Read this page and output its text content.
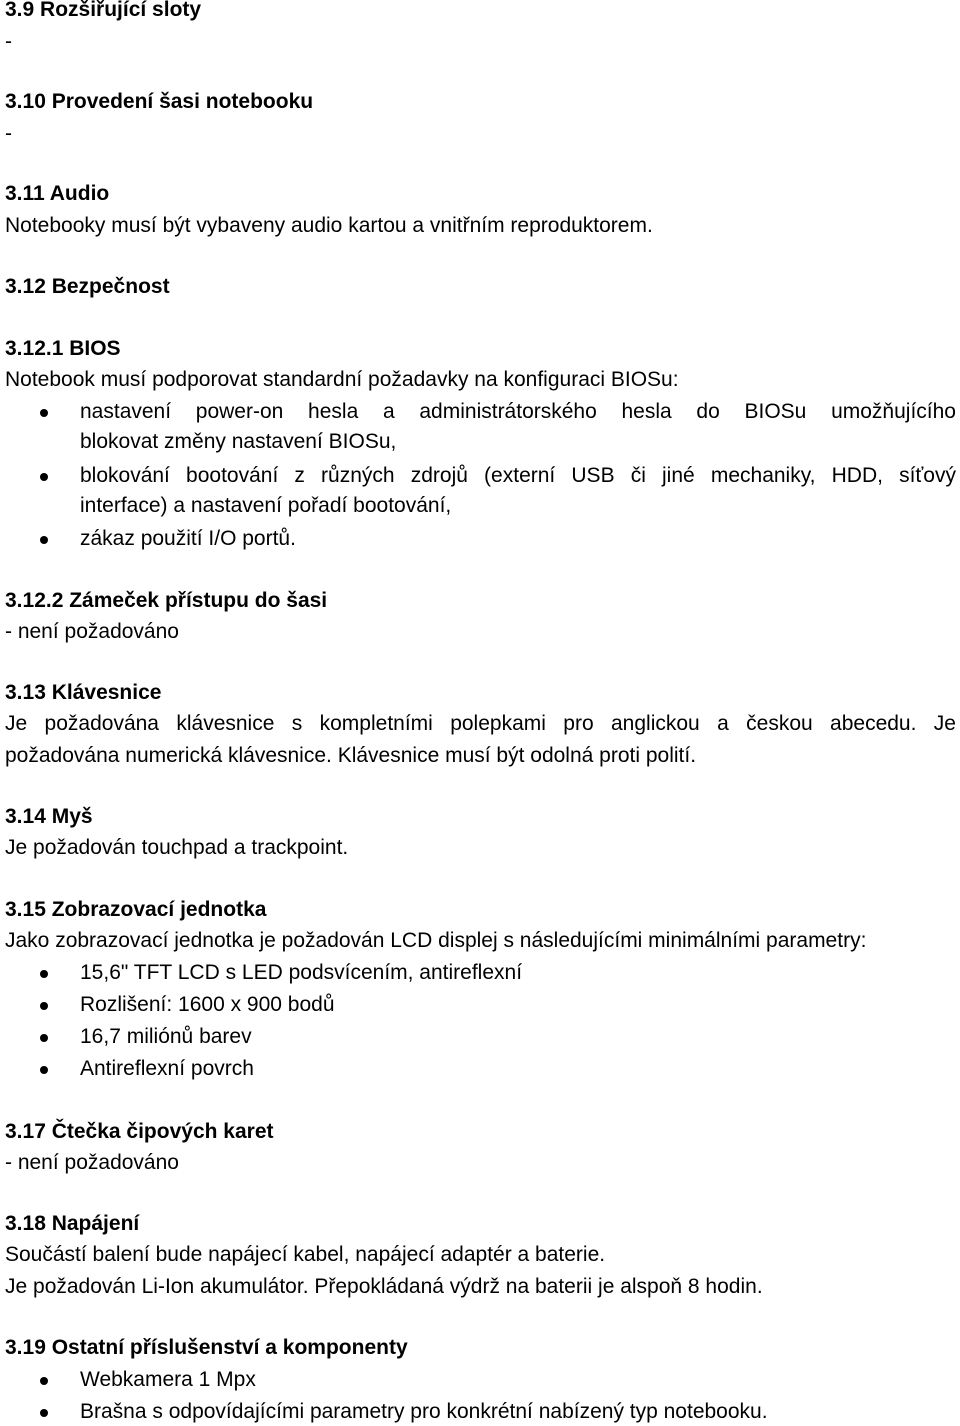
3.9 Rozšiřující sloty
-
3.10 Provedení šasi notebooku
-
3.11 Audio
Notebooky musí být vybaveny audio kartou a vnitřním reproduktorem.
3.12 Bezpečnost
3.12.1 BIOS
Notebook musí podporovat standardní požadavky na konfiguraci BIOSu:
nastavení power-on hesla a administrátorského hesla do BIOSu umožňujícího
blokovat změny nastavení BIOSu,
blokování bootování z různých zdrojů (externí USB či jiné mechaniky, HDD, síťový
interface) a nastavení pořadí bootování,
zákaz použití I/O portů.
3.12.2 Zámeček přístupu do šasi
- není požadováno
3.13 Klávesnice
Je požadována klávesnice s kompletními polepkami pro anglickou a českou abecedu. Je
požadována numerická klávesnice. Klávesnice musí být odolná proti polití.
3.14 Myš
Je požadován touchpad a trackpoint.
3.15 Zobrazovací jednotka
Jako zobrazovací jednotka je požadován LCD displej s následujícími minimálními parametry:
15,6" TFT LCD s LED podsvícením, antireflexní
Rozlišení: 1600 x 900 bodů
16,7 miliónů barev
Antireflexní povrch
3.17 Čtečka čipových karet
- není požadováno
3.18 Napájení
Součástí balení bude napájecí kabel, napájecí adaptér a baterie.
Je požadován Li-Ion akumulátor. Přepokládaná výdrž na baterii je alspoň 8 hodin.
3.19 Ostatní příslušenství a komponenty
Webkamera 1 Mpx
Brašna s odpovídajícími parametry pro konkrétní nabízený typ notebooku.
